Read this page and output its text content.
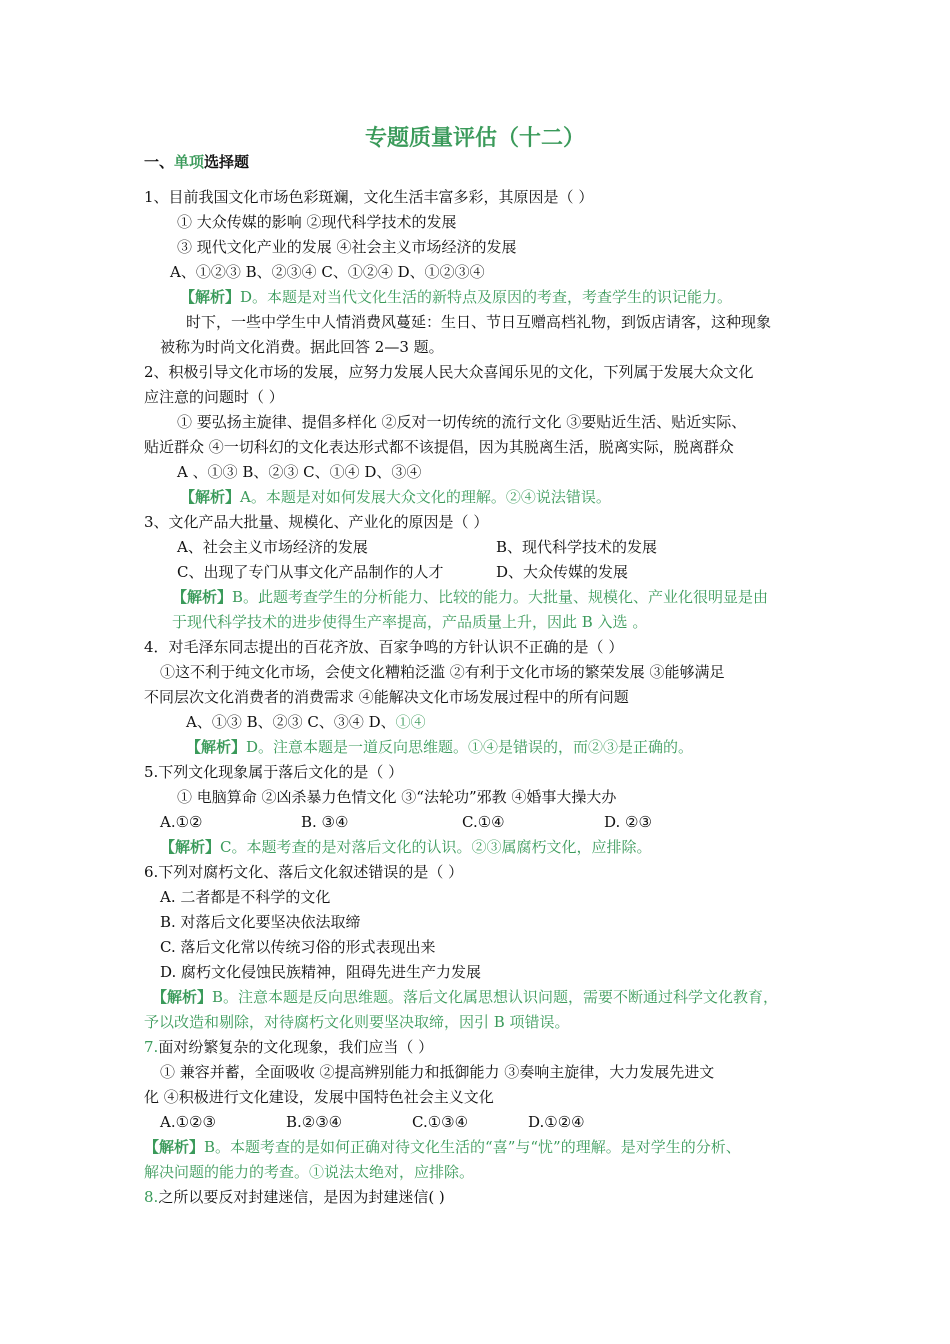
专题质量评估（十二）
一、单项选择题
1、目前我国文化市场色彩斑斓，文化生活丰富多彩，其原因是（ ）
① 大众传媒的影响 ②现代科学技术的发展
③ 现代文化产业的发展 ④社会主义市场经济的发展
A、①②③ B、②③④ C、①②④ D、①②③④
【解析】D。本题是对当代文化生活的新特点及原因的考查，考查学生的识记能力。
时下，一些中学生中人情消费风蔓延：生日、节日互赠高档礼物，到饭店请客，这种现象
被称为时尚文化消费。据此回答 2—3 题。
2、积极引导文化市场的发展，应努力发展人民大众喜闻乐见的文化，下列属于发展大众文化
应注意的问题时（ ）
① 要弘扬主旋律、提倡多样化 ②反对一切传统的流行文化 ③要贴近生活、贴近实际、
贴近群众 ④一切科幻的文化表达形式都不该提倡，因为其脱离生活，脱离实际，脱离群众
A 、①③ B、②③ C、①④ D、③④
【解析】A。本题是对如何发展大众文化的理解。②④说法错误。
3、文化产品大批量、规模化、产业化的原因是（ ）
A、社会主义市场经济的发展	B、现代科学技术的发展
C、出现了专门从事文化产品制作的人才	D、大众传媒的发展
【解析】B。此题考查学生的分析能力、比较的能力。大批量、规模化、产业化很明显是由
于现代科学技术的进步使得生产率提高，产品质量上升，因此 B 入选 。
4．对毛泽东同志提出的百花齐放、百家争鸣的方针认识不正确的是（ ）
①这不利于纯文化市场，会使文化糟粕泛滥 ②有利于文化市场的繁荣发展 ③能够满足
不同层次文化消费者的消费需求 ④能解决文化市场发展过程中的所有问题
A、①③ B、②③ C、③④ D、①④
【解析】D。注意本题是一道反向思维题。①④是错误的，而②③是正确的。
5.下列文化现象属于落后文化的是（ ）
① 电脑算命 ②凶杀暴力色情文化 ③“法轮功”邪教 ④婚事大操大办
A.①②	B. ③④	C.①④	D. ②③
【解析】C。本题考查的是对落后文化的认识。②③属腐朽文化，应排除。
6.下列对腐朽文化、落后文化叙述错误的是（ ）
A. 二者都是不科学的文化
B. 对落后文化要坚决依法取缔
C. 落后文化常以传统习俗的形式表现出来
D. 腐朽文化侵蚀民族精神，阻碍先进生产力发展
【解析】B。注意本题是反向思维题。落后文化属思想认识问题，需要不断通过科学文化教育，
予以改造和剔除，对待腐朽文化则要坚决取缔，因引 B 项错误。
7.面对纷繁复杂的文化现象，我们应当（ ）
① 兼容并蓄，全面吸收 ②提高辨别能力和抵御能力 ③奏响主旋律，大力发展先进文
化 ④积极进行文化建设，发展中国特色社会主义文化
A.①②③	B.②③④	C.①③④	D.①②④
【解析】B。本题考查的是如何正确对待文化生活的“喜”与“忧”的理解。是对学生的分析、
解决问题的能力的考查。①说法太绝对，应排除。
8.之所以要反对封建迷信，是因为封建迷信( )
